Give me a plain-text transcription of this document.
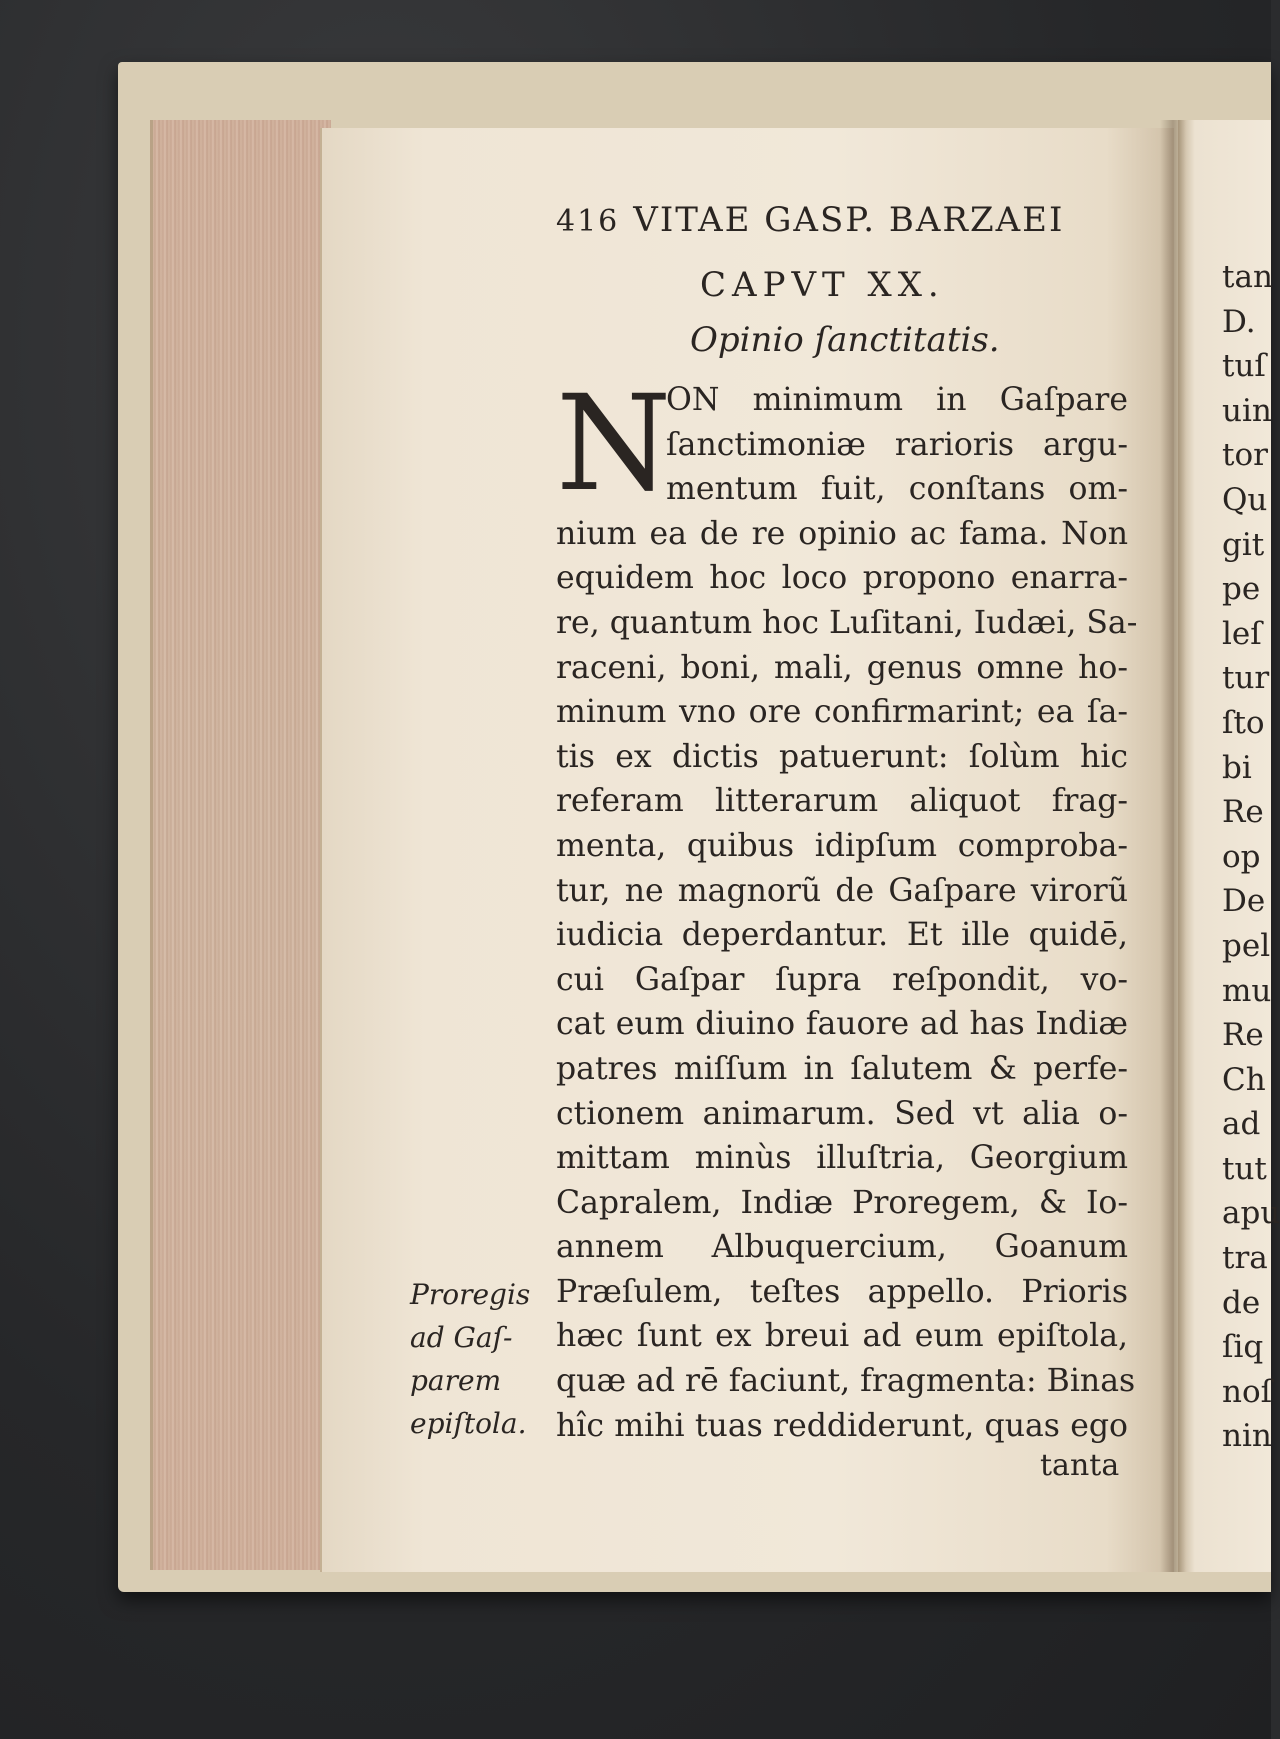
416 VITAE GASP. BARZAEI
CAPVT XX.
Opinio ſanctitatis.
N
ON minimum in Gaſpare
ſanctimoniæ rarioris argu-
mentum fuit, conſtans om-
nium ea de re opinio ac fama. Non
equidem hoc loco propono enarra-
re, quantum hoc Luſitani, Iudæi, Sa-
raceni, boni, mali, genus omne ho-
minum vno ore confirmarint; ea ſa-
tis ex dictis patuerunt: ſolùm hic
referam litterarum aliquot frag-
menta, quibus idipſum comproba-
tur, ne magnorũ de Gaſpare virorũ
iudicia deperdantur. Et ille quidē,
cui Gaſpar ſupra reſpondit, vo-
cat eum diuino fauore ad has Indiæ
patres miſſum in ſalutem & perfe-
ctionem animarum. Sed vt alia o-
mittam minùs illuſtria, Georgium
Capralem, Indiæ Proregem, & Io-
annem Albuquercium, Goanum
Præſulem, teſtes appello. Prioris
hæc ſunt ex breui ad eum epiſtola,
quæ ad rē faciunt, fragmenta: Binas
hîc mihi tuas reddiderunt, quas ego
tanta
Proregis
ad Gaſ-
parem
epiſtola.
tan
D.
tuſ
uin
tor
Qu
git
pe
leſ
tur
ſto
bi
Re
op
De
pel
mu
Re
Ch
ad
tut
apu
tra
de
ſiq
noſ
nin
